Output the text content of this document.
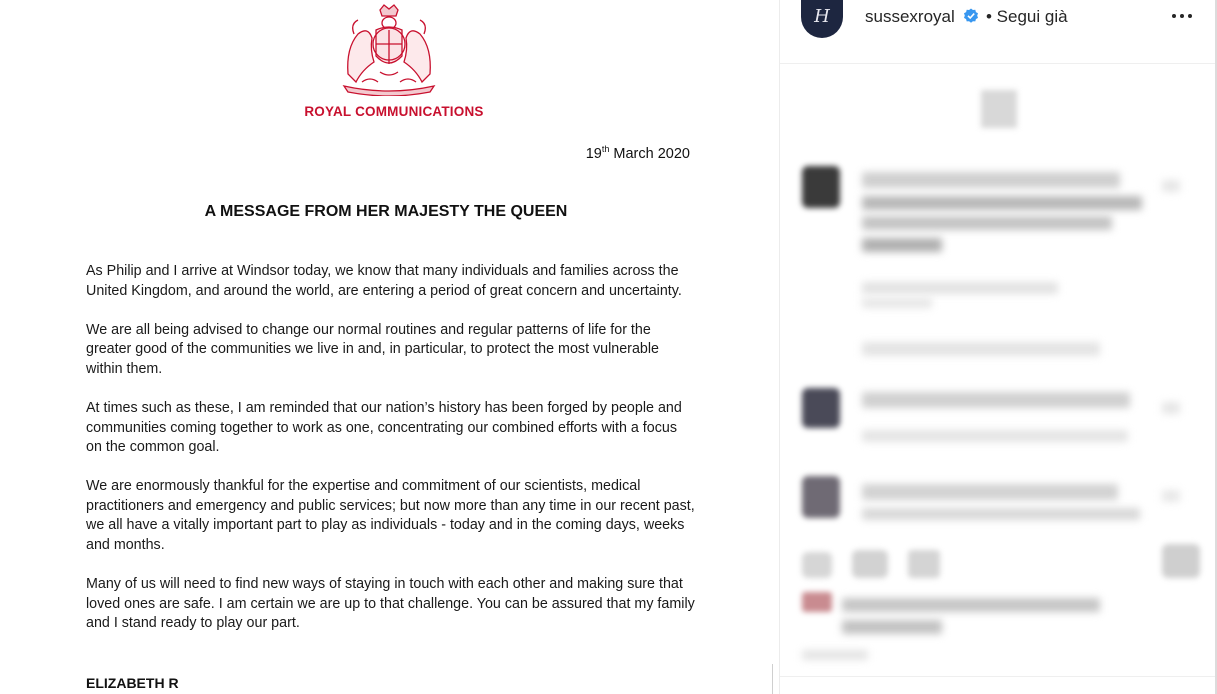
ROYAL COMMUNICATIONS
19th March 2020
A MESSAGE FROM HER MAJESTY THE QUEEN

As Philip and I arrive at Windsor today, we know that many individuals and families across the United Kingdom, and around the world, are entering a period of great concern and uncertainty.

We are all being advised to change our normal routines and regular patterns of life for the greater good of the communities we live in and, in particular, to protect the most vulnerable within them.

At times such as these, I am reminded that our nation’s history has been forged by people and communities coming together to work as one, concentrating our combined efforts with a focus on the common goal.

We are enormously thankful for the expertise and commitment of our scientists, medical practitioners and emergency and public services; but now more than any time in our recent past, we all have a vitally important part to play as individuals - today and in the coming days, weeks and months.

Many of us will need to find new ways of staying in touch with each other and making sure that loved ones are safe. I am certain we are up to that challenge. You can be assured that my family and I stand ready to play our part.

ELIZABETH R
H sussexroyal • Segui già
